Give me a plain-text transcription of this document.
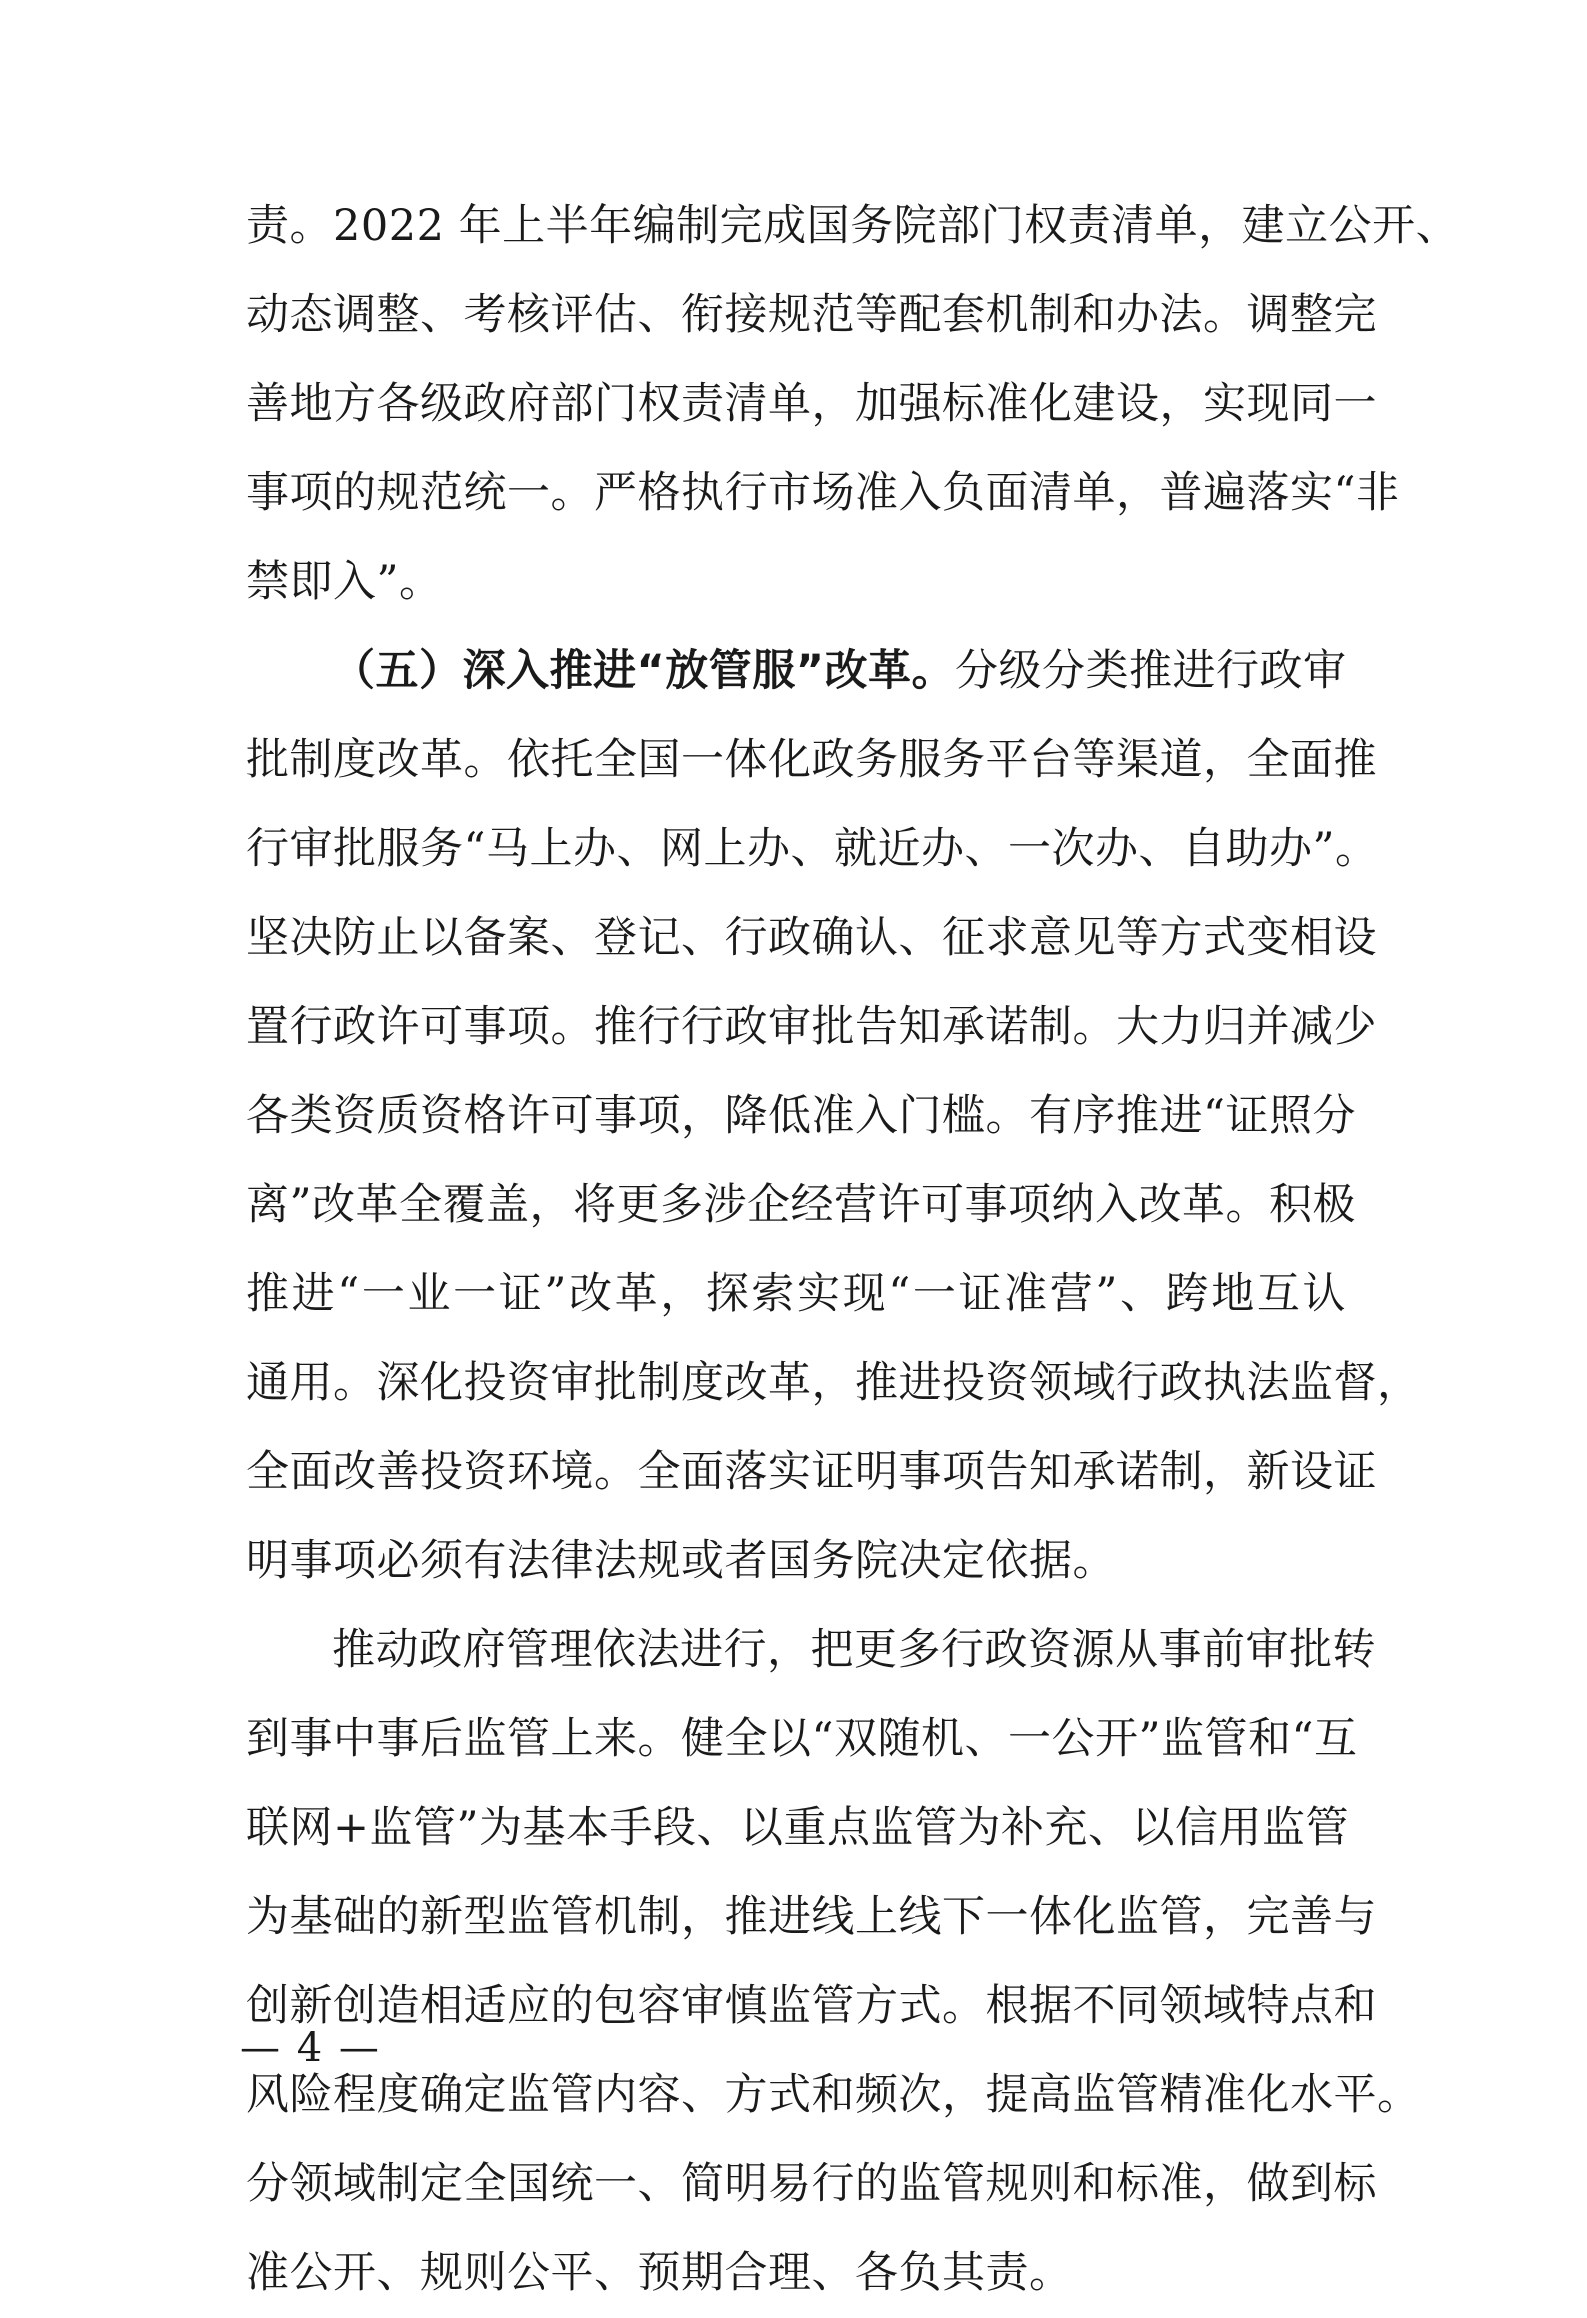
责。2022 年上半年编制完成国务院部门权责清单，建立公开、
动态调整、考核评估、衔接规范等配套机制和办法。调整完
善地方各级政府部门权责清单，加强标准化建设，实现同一
事项的规范统一。严格执行市场准入负面清单，普遍落实“非
禁即入”。
（五）深入推进“放管服”改革。分级分类推进行政审
批制度改革。依托全国一体化政务服务平台等渠道，全面推
行审批服务“马上办、网上办、就近办、一次办、自助办”。
坚决防止以备案、登记、行政确认、征求意见等方式变相设
置行政许可事项。推行行政审批告知承诺制。大力归并减少
各类资质资格许可事项，降低准入门槛。有序推进“证照分
离”改革全覆盖，将更多涉企经营许可事项纳入改革。积极
推进“一业一证”改革，探索实现“一证准营”、跨地互认
通用。深化投资审批制度改革，推进投资领域行政执法监督，
全面改善投资环境。全面落实证明事项告知承诺制，新设证
明事项必须有法律法规或者国务院决定依据。
推动政府管理依法进行，把更多行政资源从事前审批转
到事中事后监管上来。健全以“双随机、一公开”监管和“互
联网+监管”为基本手段、以重点监管为补充、以信用监管
为基础的新型监管机制，推进线上线下一体化监管，完善与
创新创造相适应的包容审慎监管方式。根据不同领域特点和
风险程度确定监管内容、方式和频次，提高监管精准化水平。
分领域制定全国统一、简明易行的监管规则和标准，做到标
准公开、规则公平、预期合理、各负其责。
— 4 —
